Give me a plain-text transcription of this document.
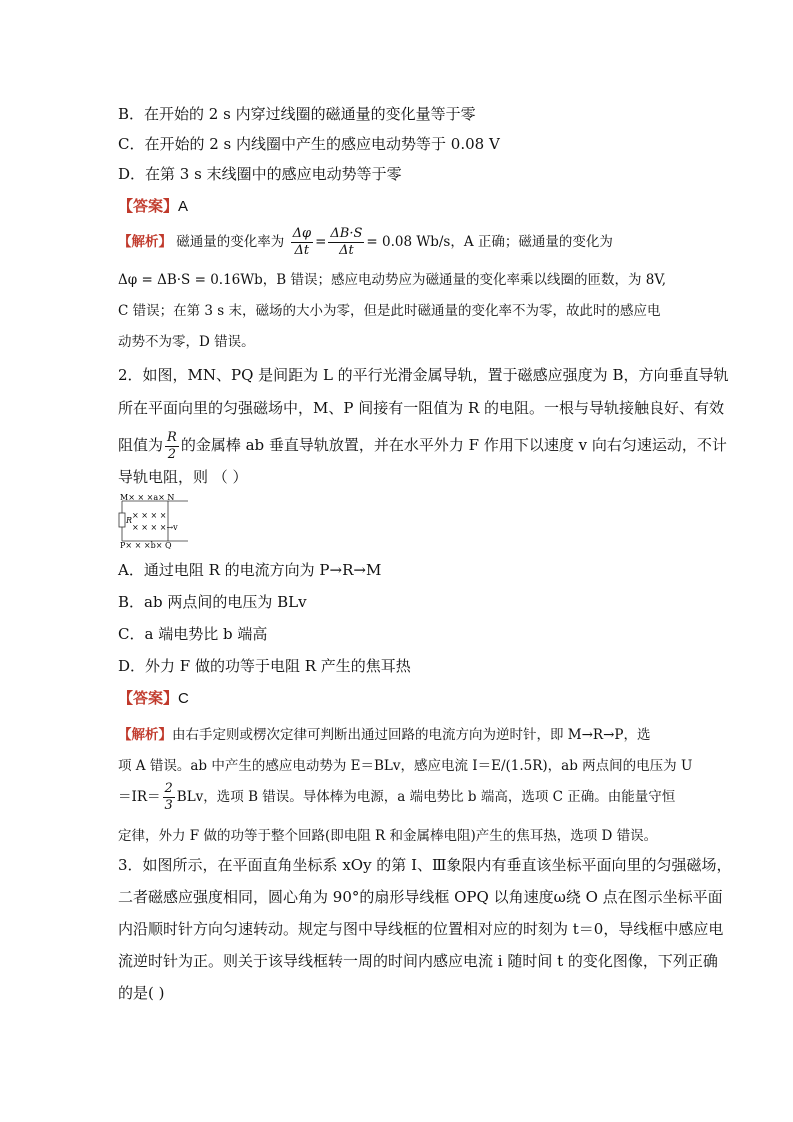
B．在开始的 2 s 内穿过线圈的磁通量的变化量等于零
C．在开始的 2 s 内线圈中产生的感应电动势等于 0.08 V
D．在第 3 s 末线圈中的感应电动势等于零
【答案】A
【解析】 磁通量的变化率为 $\frac{\Delta\varphi}{\Delta t} = \frac{\Delta B\cdot S}{\Delta t} = 0.08$ Wb/s，A 正确；磁通量的变化为
Δφ = ΔB·S = 0.16Wb，B 错误；感应电动势应为磁通量的变化率乘以线圈的匝数，为 8V,
C 错误；在第 3 s 末，磁场的大小为零，但是此时磁通量的变化率不为零，故此时的感应电
动势不为零，D 错误。
2．如图，MN、PQ 是间距为 L 的平行光滑金属导轨，置于磁感应强度为 B，方向垂直导轨
所在平面向里的匀强磁场中，M、P 间接有一阻值为 R 的电阻。一根与导轨接触良好、有效
阻值为 $\frac{R}{2}$ 的金属棒 ab 垂直导轨放置，并在水平外力 F 作用下以速度 v 向右匀速运动，不计
导轨电阻，则 （ ）
M× × ×a× N
× × × ×
× × × ×→v
P× × ×b× Q
R
A．通过电阻 R 的电流方向为 P→R→M
B．ab 两点间的电压为 BLv
C．a 端电势比 b 端高
D．外力 F 做的功等于电阻 R 产生的焦耳热
【答案】C
【解析】由右手定则或楞次定律可判断出通过回路的电流方向为逆时针，即 M→R→P，选
项 A 错误。ab 中产生的感应电动势为 E＝BLv，感应电流 I＝E/(1.5R)，ab 两点间的电压为 U
$=IR= \frac{2}{3}$ BLv，选项 B 错误。导体棒为电源，a 端电势比 b 端高，选项 C 正确。由能量守恒
定律，外力 F 做的功等于整个回路(即电阻 R 和金属棒电阻)产生的焦耳热，选项 D 错误。
3．如图所示，在平面直角坐标系 xOy 的第 Ⅰ、Ⅲ象限内有垂直该坐标平面向里的匀强磁场，
二者磁感应强度相同，圆心角为 90°的扇形导线框 OPQ 以角速度ω绕 O 点在图示坐标平面
内沿顺时针方向匀速转动。规定与图中导线框的位置相对应的时刻为 t＝0，导线框中感应电
流逆时针为正。则关于该导线框转一周的时间内感应电流 i 随时间 t 的变化图像，下列正确
的是( )
